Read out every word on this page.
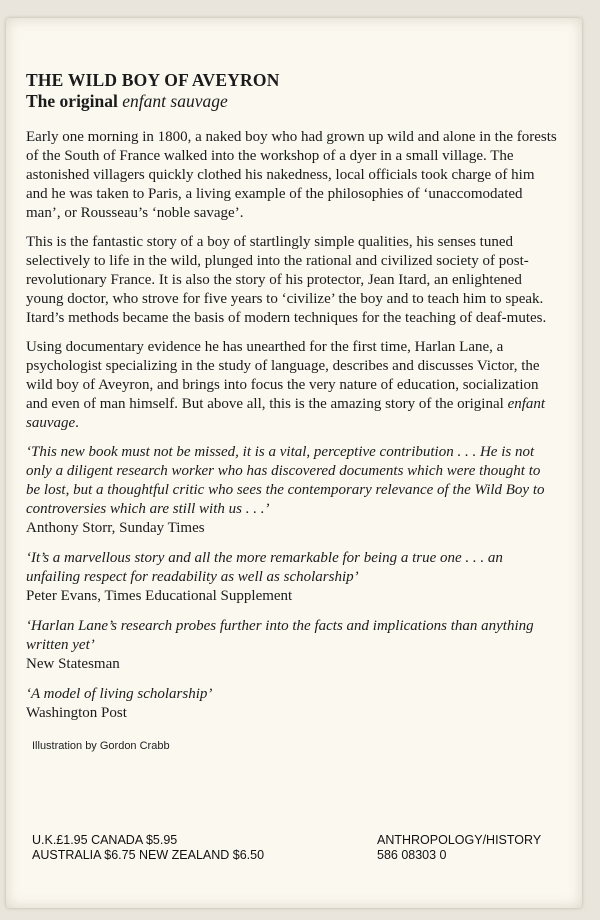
THE WILD BOY OF AVEYRON
The original enfant sauvage

Early one morning in 1800, a naked boy who had grown up wild and alone in the forests of the South of France walked into the workshop of a dyer in a small village. The astonished villagers quickly clothed his nakedness, local officials took charge of him and he was taken to Paris, a living example of the philosophies of ‘unaccomodated man’, or Rousseau’s ‘noble savage’.

This is the fantastic story of a boy of startlingly simple qualities, his senses tuned selectively to life in the wild, plunged into the rational and civilized society of post-revolutionary France. It is also the story of his protector, Jean Itard, an enlightened young doctor, who strove for five years to ‘civilize’ the boy and to teach him to speak. Itard’s methods became the basis of modern techniques for the teaching of deaf-mutes.

Using documentary evidence he has unearthed for the first time, Harlan Lane, a psychologist specializing in the study of language, describes and discusses Victor, the wild boy of Aveyron, and brings into focus the very nature of education, socialization and even of man himself. But above all, this is the amazing story of the original enfant sauvage.

‘This new book must not be missed, it is a vital, perceptive contribution . . . He is not only a diligent research worker who has discovered documents which were thought to be lost, but a thoughtful critic who sees the contemporary relevance of the Wild Boy to controversies which are still with us . . .’
Anthony Storr, Sunday Times
‘It’s a marvellous story and all the more remarkable for being a true one . . . an unfailing respect for readability as well as scholarship’
Peter Evans, Times Educational Supplement
‘Harlan Lane’s research probes further into the facts and implications than anything written yet’
New Statesman
‘A model of living scholarship’
Washington Post
Illustration by Gordon Crabb
U.K.£1.95 CANADA $5.95
AUSTRALIA $6.75 NEW ZEALAND $6.50
ANTHROPOLOGY/HISTORY
586 08303 0
